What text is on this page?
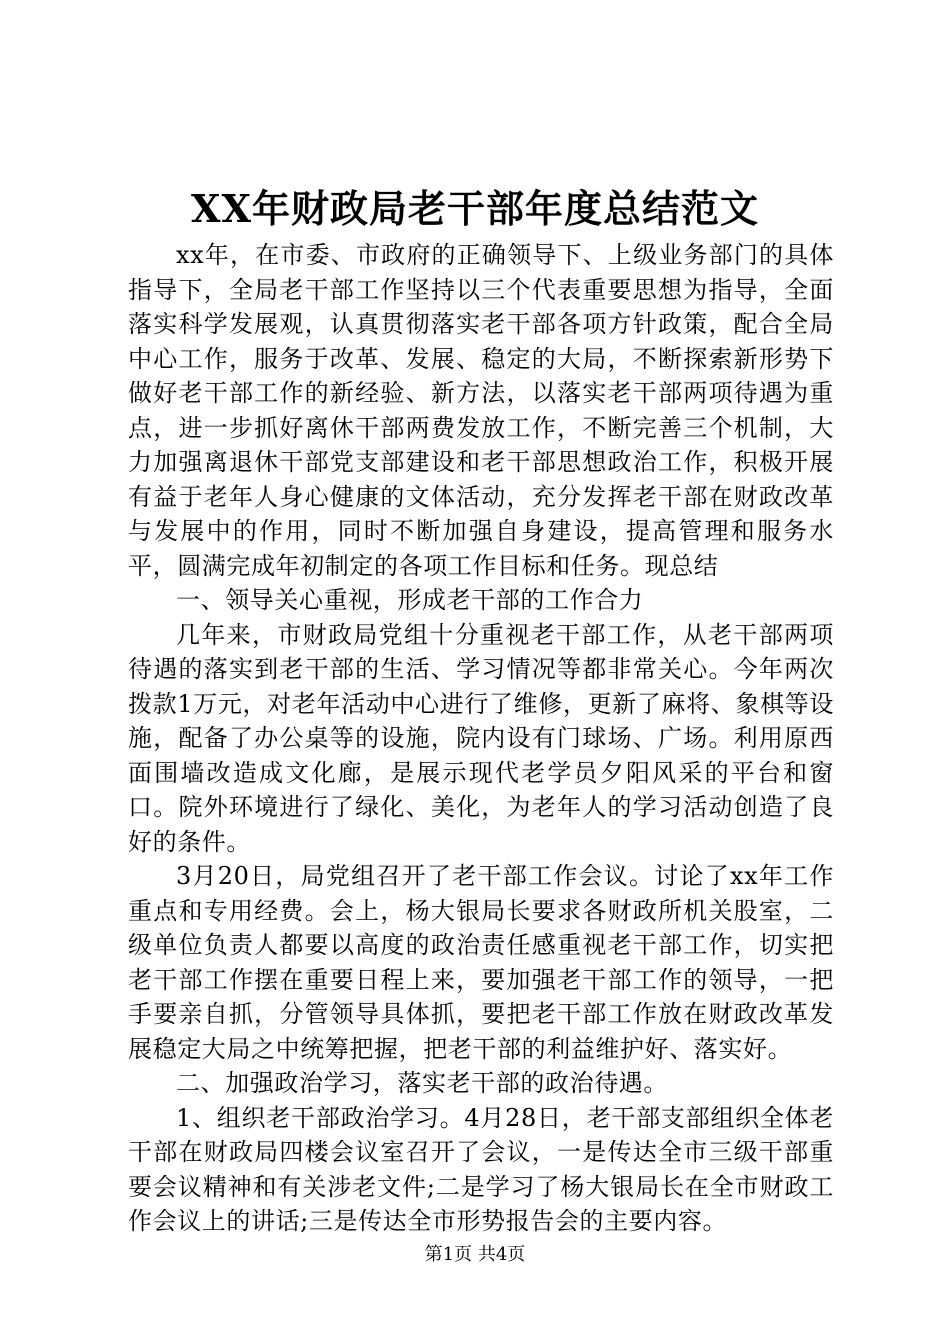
XX年财政局老干部年度总结范文

xx年，在市委、市政府的正确领导下、上级业务部门的具体指导下，全局老干部工作坚持以三个代表重要思想为指导，全面落实科学发展观，认真贯彻落实老干部各项方针政策，配合全局中心工作，服务于改革、发展、稳定的大局，不断探索新形势下做好老干部工作的新经验、新方法，以落实老干部两项待遇为重点，进一步抓好离休干部两费发放工作，不断完善三个机制，大力加强离退休干部党支部建设和老干部思想政治工作，积极开展有益于老年人身心健康的文体活动，充分发挥老干部在财政改革与发展中的作用，同时不断加强自身建设，提高管理和服务水平，圆满完成年初制定的各项工作目标和任务。现总结

一、领导关心重视，形成老干部的工作合力

几年来，市财政局党组十分重视老干部工作，从老干部两项待遇的落实到老干部的生活、学习情况等都非常关心。今年两次拨款1万元，对老年活动中心进行了维修，更新了麻将、象棋等设施，配备了办公桌等的设施，院内设有门球场、广场。利用原西面围墙改造成文化廊，是展示现代老学员夕阳风采的平台和窗口。院外环境进行了绿化、美化，为老年人的学习活动创造了良好的条件。

3月20日，局党组召开了老干部工作会议。讨论了xx年工作重点和专用经费。会上，杨大银局长要求各财政所机关股室，二级单位负责人都要以高度的政治责任感重视老干部工作，切实把老干部工作摆在重要日程上来，要加强老干部工作的领导，一把手要亲自抓，分管领导具体抓，要把老干部工作放在财政改革发展稳定大局之中统筹把握，把老干部的利益维护好、落实好。

二、加强政治学习，落实老干部的政治待遇。

1、组织老干部政治学习。4月28日，老干部支部组织全体老干部在财政局四楼会议室召开了会议，一是传达全市三级干部重要会议精神和有关涉老文件;二是学习了杨大银局长在全市财政工作会议上的讲话;三是传达全市形势报告会的主要内容。

第1页 共4页
